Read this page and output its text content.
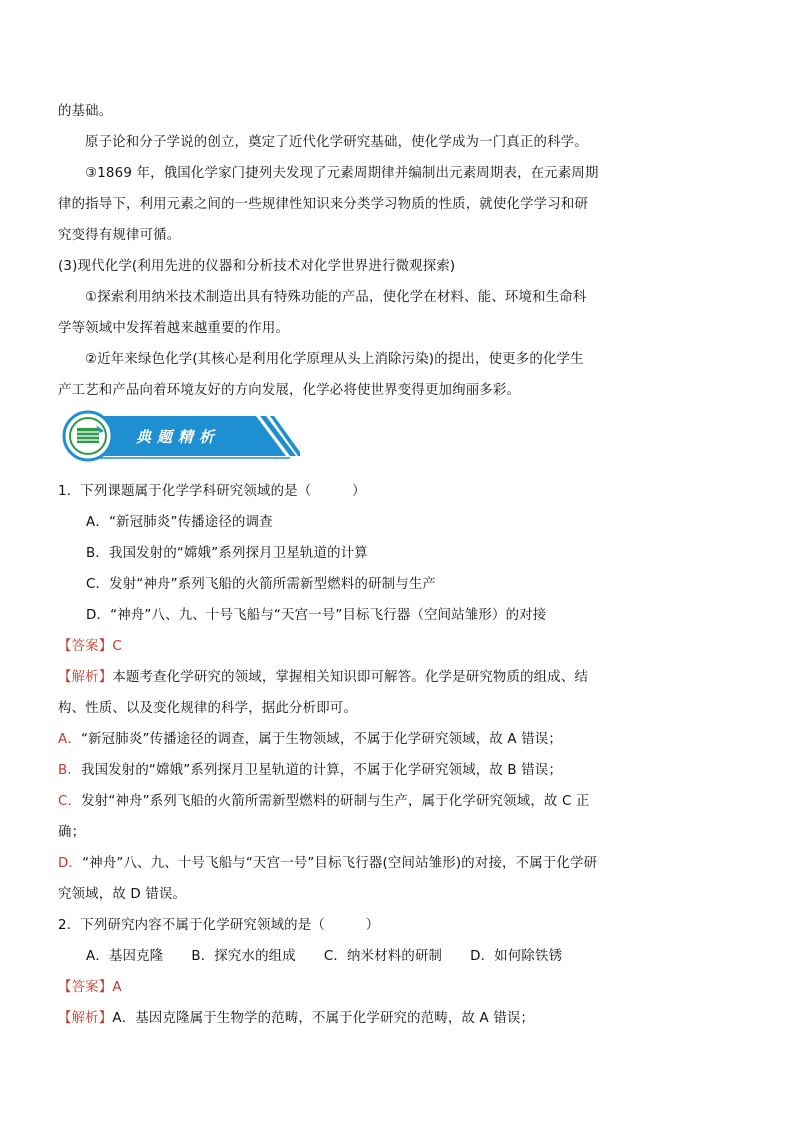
的基础。
原子论和分子学说的创立，奠定了近代化学研究基础，使化学成为一门真正的科学。
③1869 年，俄国化学家门捷列夫发现了元素周期律并编制出元素周期表，在元素周期
律的指导下，利用元素之间的一些规律性知识来分类学习物质的性质，就使化学学习和研
究变得有规律可循。
(3)现代化学(利用先进的仪器和分析技术对化学世界进行微观探索)
①探索利用纳米技术制造出具有特殊功能的产品，使化学在材料、能、环境和生命科
学等领域中发挥着越来越重要的作用。
②近年来绿色化学(其核心是利用化学原理从头上消除污染)的提出，使更多的化学生
产工艺和产品向着环境友好的方向发展，化学必将使世界变得更加绚丽多彩。
典题精析
1．下列课题属于化学学科研究领域的是（　　　）
A．“新冠肺炎”传播途径的调查
B．我国发射的“嫦娥”系列探月卫星轨道的计算
C．发射“神舟”系列飞船的火箭所需新型燃料的研制与生产
D．“神舟”八、九、十号飞船与“天宫一号”目标飞行器（空间站雏形）的对接
【答案】C
【解析】本题考查化学研究的领域，掌握相关知识即可解答。化学是研究物质的组成、结
构、性质、以及变化规律的科学，据此分析即可。
A．“新冠肺炎”传播途径的调查，属于生物领域，不属于化学研究领域，故 A 错误；
B．我国发射的“嫦娥”系列探月卫星轨道的计算，不属于化学研究领域，故 B 错误；
C．发射“神舟”系列飞船的火箭所需新型燃料的研制与生产，属于化学研究领域，故 C 正
确；
D．“神舟”八、九、十号飞船与“天宫一号”目标飞行器(空间站雏形)的对接，不属于化学研
究领域，故 D 错误。
2．下列研究内容不属于化学研究领域的是（　　　）
A．基因克隆 B．探究水的组成 C．纳米材料的研制 D．如何除铁锈
【答案】A
【解析】A．基因克隆属于生物学的范畴，不属于化学研究的范畴，故 A 错误；
